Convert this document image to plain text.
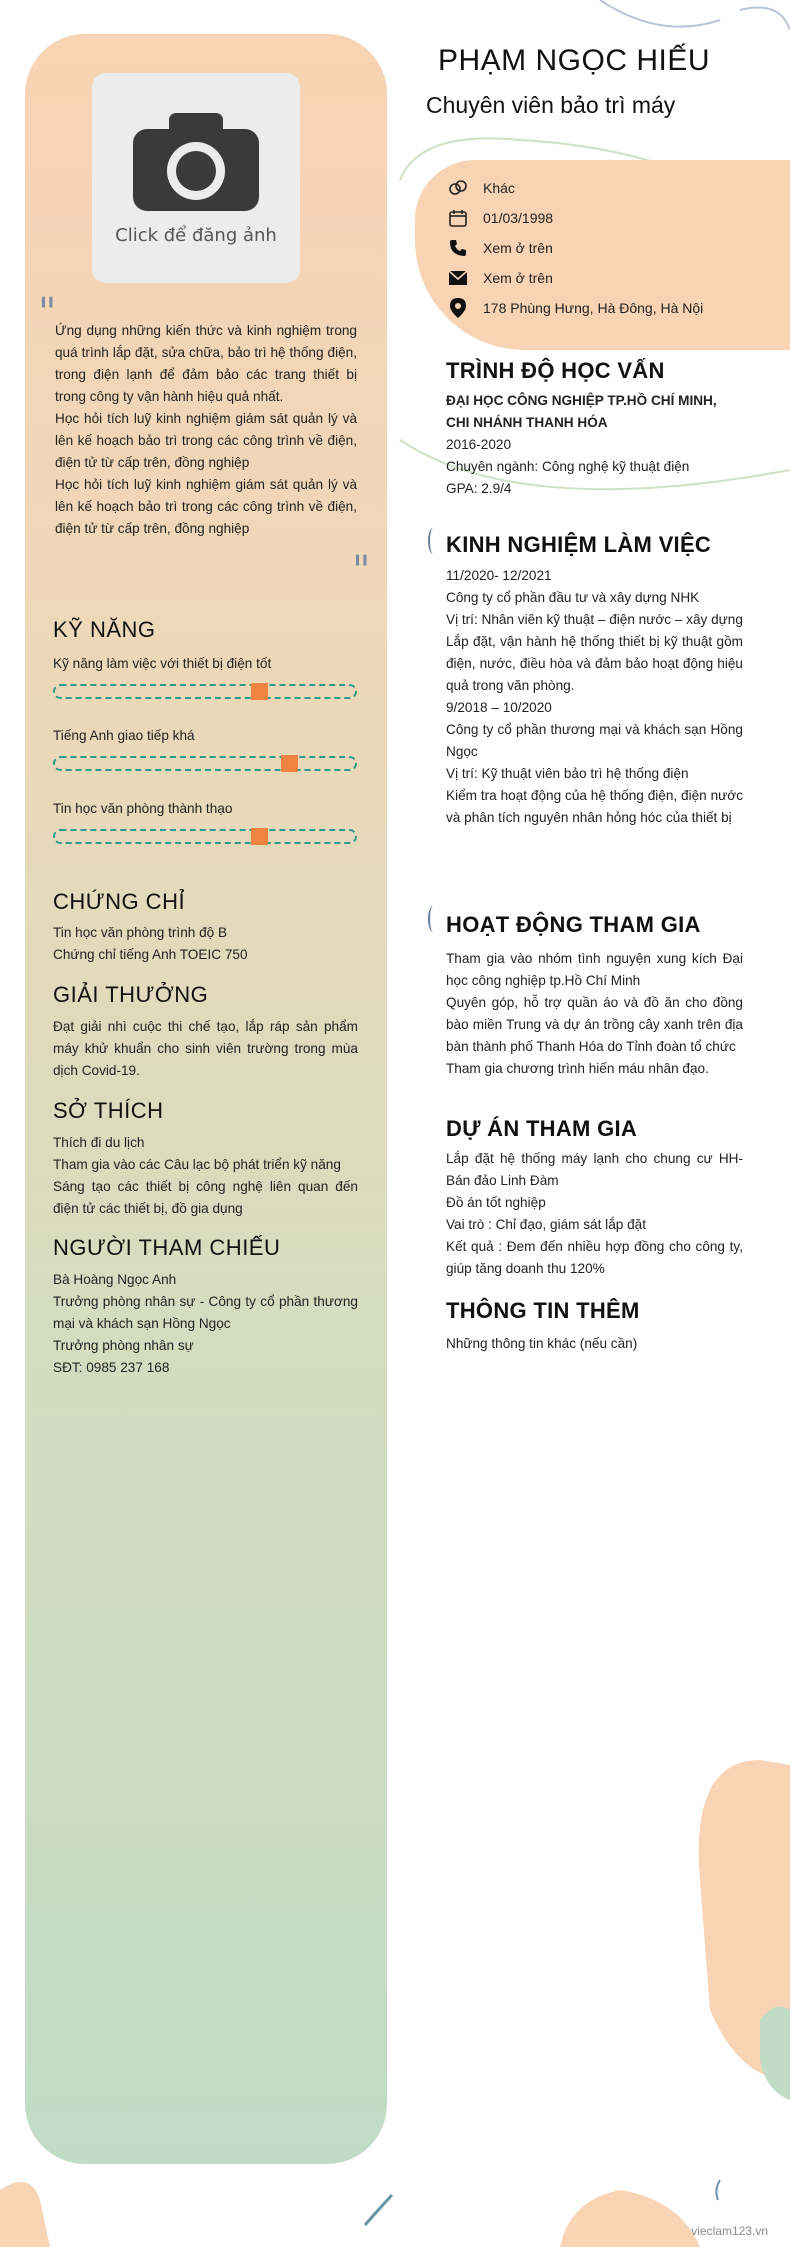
Click để đăng ảnh
"

Ứng dụng những kiến thức và kinh nghiệm trong quá trình lắp đặt, sửa chữa, bảo trì hệ thống điện, trong điện lạnh để đảm bảo các trang thiết bị trong công ty vận hành hiệu quả nhất.

Học hỏi tích luỹ kinh nghiệm giám sát quản lý và lên kế hoạch bảo trì trong các công trình về điện, điện tử từ cấp trên, đồng nghiệp

Học hỏi tích luỹ kinh nghiệm giám sát quản lý và lên kế hoạch bảo trì trong các công trình về điện, điện tử từ cấp trên, đồng nghiệp

"
KỸ NĂNG
Kỹ năng làm việc với thiết bị điện tốt
Tiếng Anh giao tiếp khá
Tin học văn phòng thành thạo
CHỨNG CHỈ
Tin học văn phòng trình độ B
Chứng chỉ tiếng Anh TOEIC 750
GIẢI THƯỞNG
Đạt giải nhì cuộc thi chế tạo, lắp ráp sản phẩm máy khử khuẩn cho sinh viên trường trong mùa dịch Covid-19.
SỞ THÍCH
Thích đi du lịch
Tham gia vào các Câu lạc bộ phát triển kỹ năng
Sáng tạo các thiết bị công nghệ liên quan đến điện tử các thiết bị, đồ gia dụng
NGƯỜI THAM CHIẾU
Bà Hoàng Ngọc Anh
Trưởng phòng nhân sự - Công ty cổ phần thương mại và khách sạn Hồng Ngọc
Trưởng phòng nhân sự
SĐT: 0985 237 168
PHẠM NGỌC HIẾU
Chuyên viên bảo trì máy
Khác
01/03/1998
Xem ở trên
Xem ở trên
178 Phùng Hưng, Hà Đông, Hà Nội
TRÌNH ĐỘ HỌC VẤN
ĐẠI HỌC CÔNG NGHIỆP TP.HỒ CHÍ MINH, CHI NHÁNH THANH HÓA
2016-2020
Chuyên ngành: Công nghệ kỹ thuật điện
GPA: 2.9/4
KINH NGHIỆM LÀM VIỆC
11/2020- 12/2021
Công ty cổ phần đầu tư và xây dựng NHK
Vị trí: Nhân viên kỹ thuật – điện nước – xây dựng
Lắp đặt, vận hành hệ thống thiết bị kỹ thuật gồm điện, nước, điều hòa và đảm bảo hoạt động hiệu quả trong văn phòng.
9/2018 – 10/2020
Công ty cổ phần thương mại và khách sạn Hồng Ngọc
Vị trí: Kỹ thuật viên bảo trì hệ thống điện
Kiểm tra hoạt động của hệ thống điện, điện nước và phân tích nguyên nhân hỏng hóc của thiết bị
HOẠT ĐỘNG THAM GIA
Tham gia vào nhóm tình nguyện xung kích Đại học công nghiệp tp.Hồ Chí Minh
Quyên góp, hỗ trợ quần áo và đồ ăn cho đồng bào miền Trung và dự án trồng cây xanh trên địa bàn thành phố Thanh Hóa do Tỉnh đoàn tổ chức
Tham gia chương trình hiến máu nhân đạo.
DỰ ÁN THAM GIA
Lắp đặt hệ thống máy lạnh cho chung cư HH-Bán đảo Linh Đàm
Đồ án tốt nghiệp
Vai trò : Chỉ đạo, giám sát lắp đặt
Kết quả : Đem đến nhiều hợp đồng cho công ty, giúp tăng doanh thu 120%
THÔNG TIN THÊM
Những thông tin khác (nếu cần)
vieclam123.vn
